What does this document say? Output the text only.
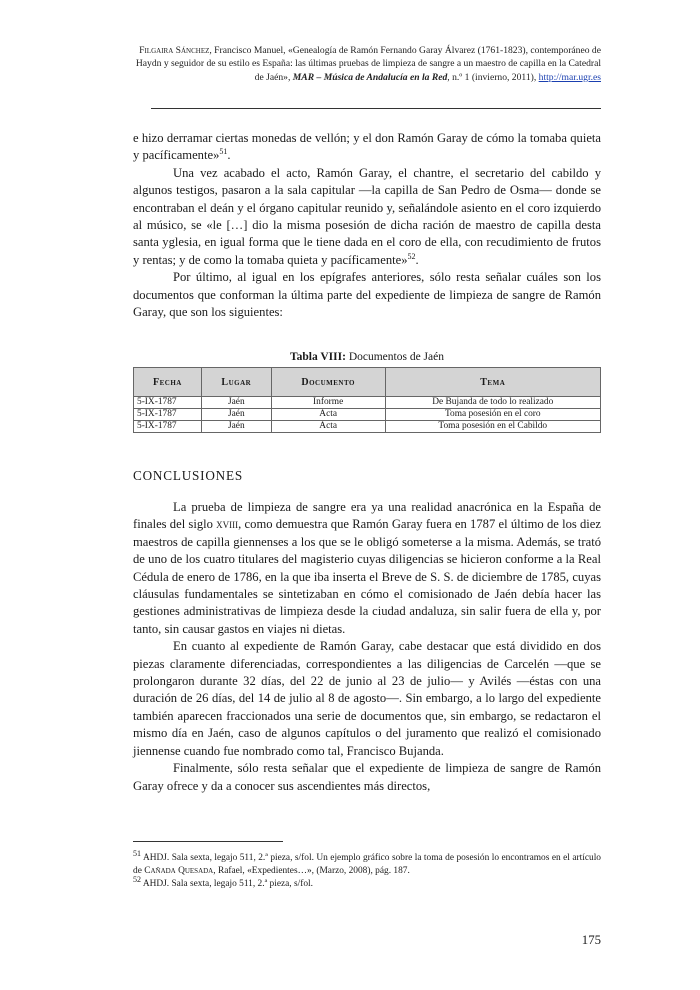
Filgaira Sánchez, Francisco Manuel, «Genealogía de Ramón Fernando Garay Álvarez (1761-1823), contemporáneo de Haydn y seguidor de su estilo es España: las últimas pruebas de limpieza de sangre a un maestro de capilla en la Catedral de Jaén», MAR – Música de Andalucía en la Red, n.º 1 (invierno, 2011), http://mar.ugr.es

e hizo derramar ciertas monedas de vellón; y el don Ramón Garay de cómo la tomaba quieta y pacíficamente»$^{51}$.

Una vez acabado el acto, Ramón Garay, el chantre, el secretario del cabildo y algunos testigos, pasaron a la sala capitular —la capilla de San Pedro de Osma— donde se encontraban el deán y el órgano capitular reunido y, señalándole asiento en el coro izquierdo al músico, se «le […] dio la misma posesión de dicha ración de maestro de capilla desta santa yglesia, en igual forma que le tiene dada en el coro de ella, con recudimiento de frutos y rentas; y de como la tomaba quieta y pacíficamente»$^{52}$.

Por último, al igual en los epígrafes anteriores, sólo resta señalar cuáles son los documentos que conforman la última parte del expediente de limpieza de sangre de Ramón Garay, que son los siguientes:

Tabla VIII: Documentos de Jaén
Fecha	Lugar	Documento	Tema
5-IX-1787	Jaén	Informe	De Bujanda de todo lo realizado
5-IX-1787	Jaén	Acta	Toma posesión en el coro
5-IX-1787	Jaén	Acta	Toma posesión en el Cabildo
CONCLUSIONES

La prueba de limpieza de sangre era ya una realidad anacrónica en la España de finales del siglo xviii, como demuestra que Ramón Garay fuera en 1787 el último de los diez maestros de capilla giennenses a los que se le obligó someterse a la misma. Además, se trató de uno de los cuatro titulares del magisterio cuyas diligencias se hicieron conforme a la Real Cédula de enero de 1786, en la que iba inserta el Breve de S. S. de diciembre de 1785, cuyas cláusulas fundamentales se sintetizaban en cómo el comisionado de Jaén debía hacer las gestiones administrativas de limpieza desde la ciudad andaluza, sin salir fuera de ella y, por tanto, sin causar gastos en viajes ni dietas.

En cuanto al expediente de Ramón Garay, cabe destacar que está dividido en dos piezas claramente diferenciadas, correspondientes a las diligencias de Carcelén —que se prolongaron durante 32 días, del 22 de junio al 23 de julio— y Avilés —éstas con una duración de 26 días, del 14 de julio al 8 de agosto—. Sin embargo, a lo largo del expediente también aparecen fraccionados una serie de documentos que, sin embargo, se redactaron el mismo día en Jaén, caso de algunos capítulos o del juramento que realizó el comisionado jiennense cuando fue nombrado como tal, Francisco Bujanda.

Finalmente, sólo resta señalar que el expediente de limpieza de sangre de Ramón Garay ofrece y da a conocer sus ascendientes más directos,

$^{51}$ AHDJ. Sala sexta, legajo 511, 2.ª pieza, s/fol. Un ejemplo gráfico sobre la toma de posesión lo encontramos en el artículo de Cañada Quesada, Rafael, «Expedientes…», (Marzo, 2008), pág. 187.

$^{52}$ AHDJ. Sala sexta, legajo 511, 2.ª pieza, s/fol.

175
